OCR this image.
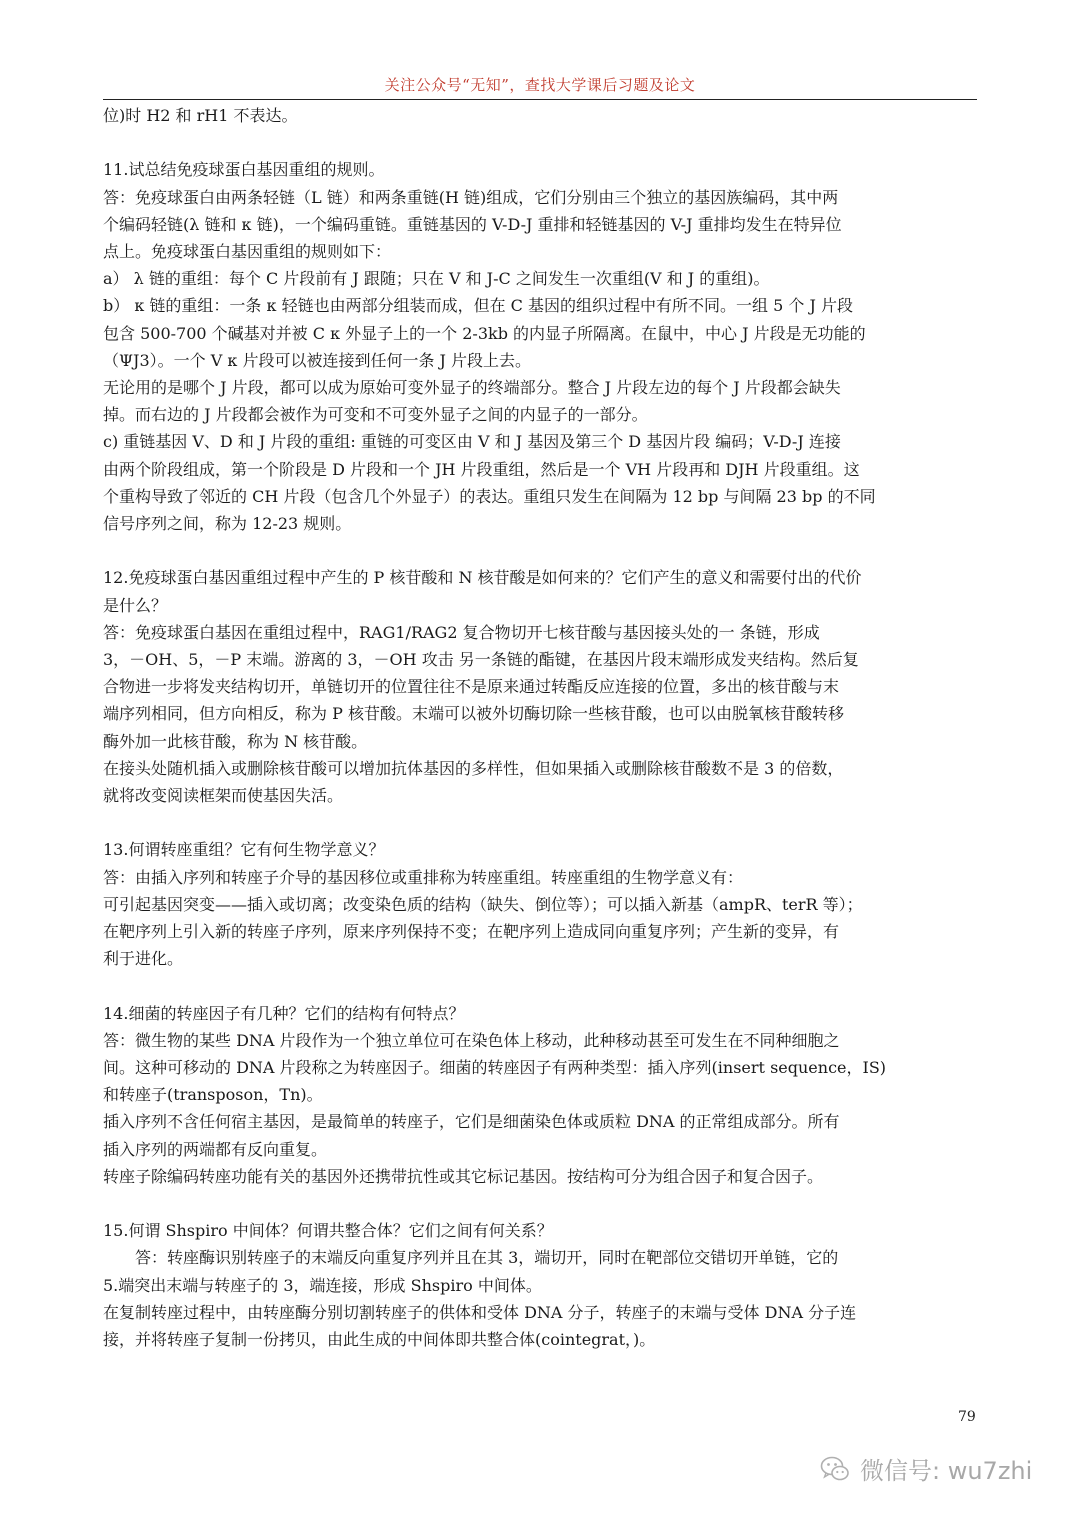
关注公众号“无知”，查找大学课后习题及论文
位)时 H2 和 rH1 不表达。
11.试总结免疫球蛋白基因重组的规则。
答：免疫球蛋白由两条轻链（L 链）和两条重链(H 链)组成，它们分别由三个独立的基因族编码，其中两
个编码轻链(λ 链和 κ 链)，一个编码重链。重链基因的 V-D-J 重排和轻链基因的 V-J 重排均发生在特异位
点上。免疫球蛋白基因重组的规则如下：
a） λ 链的重组：每个 C 片段前有 J 跟随；只在 V 和 J-C 之间发生一次重组(V 和 J 的重组)。
b） κ 链的重组：一条 κ 轻链也由两部分组装而成，但在 C 基因的组织过程中有所不同。一组 5 个 J 片段
包含 500-700 个碱基对并被 C κ 外显子上的一个 2-3kb 的内显子所隔离。在鼠中，中心 J 片段是无功能的
（ΨJ3）。一个 V κ 片段可以被连接到任何一条 J 片段上去。
无论用的是哪个 J 片段，都可以成为原始可变外显子的终端部分。整合 J 片段左边的每个 J 片段都会缺失
掉。而右边的 J 片段都会被作为可变和不可变外显子之间的内显子的一部分。
c) 重链基因 V、D 和 J 片段的重组: 重链的可变区由 V 和 J 基因及第三个 D 基因片段 编码；V-D-J 连接
由两个阶段组成，第一个阶段是 D 片段和一个 JH 片段重组，然后是一个 VH 片段再和 DJH 片段重组。这
个重构导致了邻近的 CH 片段（包含几个外显子）的表达。重组只发生在间隔为 12 bp 与间隔 23 bp 的不同
信号序列之间，称为 12-23 规则。
12.免疫球蛋白基因重组过程中产生的 P 核苷酸和 N 核苷酸是如何来的？它们产生的意义和需要付出的代价
是什么？
答：免疫球蛋白基因在重组过程中，RAG1/RAG2 复合物切开七核苷酸与基因接头处的一 条链，形成
3，－OH、5，－P 末端。游离的 3，－OH 攻击 另一条链的酯键，在基因片段末端形成发夹结构。然后复
合物进一步将发夹结构切开，单链切开的位置往往不是原来通过转酯反应连接的位置，多出的核苷酸与末
端序列相同，但方向相反，称为 P 核苷酸。末端可以被外切酶切除一些核苷酸，也可以由脱氧核苷酸转移
酶外加一此核苷酸，称为 N 核苷酸。
在接头处随机插入或删除核苷酸可以增加抗体基因的多样性，但如果插入或删除核苷酸数不是 3 的倍数，
就将改变阅读框架而使基因失活。
13.何谓转座重组？它有何生物学意义？
答：由插入序列和转座子介导的基因移位或重排称为转座重组。转座重组的生物学意义有：
可引起基因突变——插入或切离；改变染色质的结构（缺失、倒位等）；可以插入新基（ampR、terR 等）；
在靶序列上引入新的转座子序列，原来序列保持不变；在靶序列上造成同向重复序列；产生新的变异，有
利于进化。
14.细菌的转座因子有几种？它们的结构有何特点？
答：微生物的某些 DNA 片段作为一个独立单位可在染色体上移动，此种移动甚至可发生在不同种细胞之
间。这种可移动的 DNA 片段称之为转座因子。细菌的转座因子有两种类型：插入序列(insert sequence，IS)
和转座子(transposon，Tn)。
插入序列不含任何宿主基因，是最简单的转座子，它们是细菌染色体或质粒 DNA 的正常组成部分。所有
插入序列的两端都有反向重复。
转座子除编码转座功能有关的基因外还携带抗性或其它标记基因。按结构可分为组合因子和复合因子。
15.何谓 Shspiro 中间体？何谓共整合体？它们之间有何关系？
答：转座酶识别转座子的末端反向重复序列并且在其 3，端切开，同时在靶部位交错切开单链，它的
5.端突出末端与转座子的 3，端连接，形成 Shspiro 中间体。
在复制转座过程中，由转座酶分别切割转座子的供体和受体 DNA 分子，转座子的末端与受体 DNA 分子连
接，并将转座子复制一份拷贝，由此生成的中间体即共整合体(cointegrat，)。
79
微信号: wu7zhi
